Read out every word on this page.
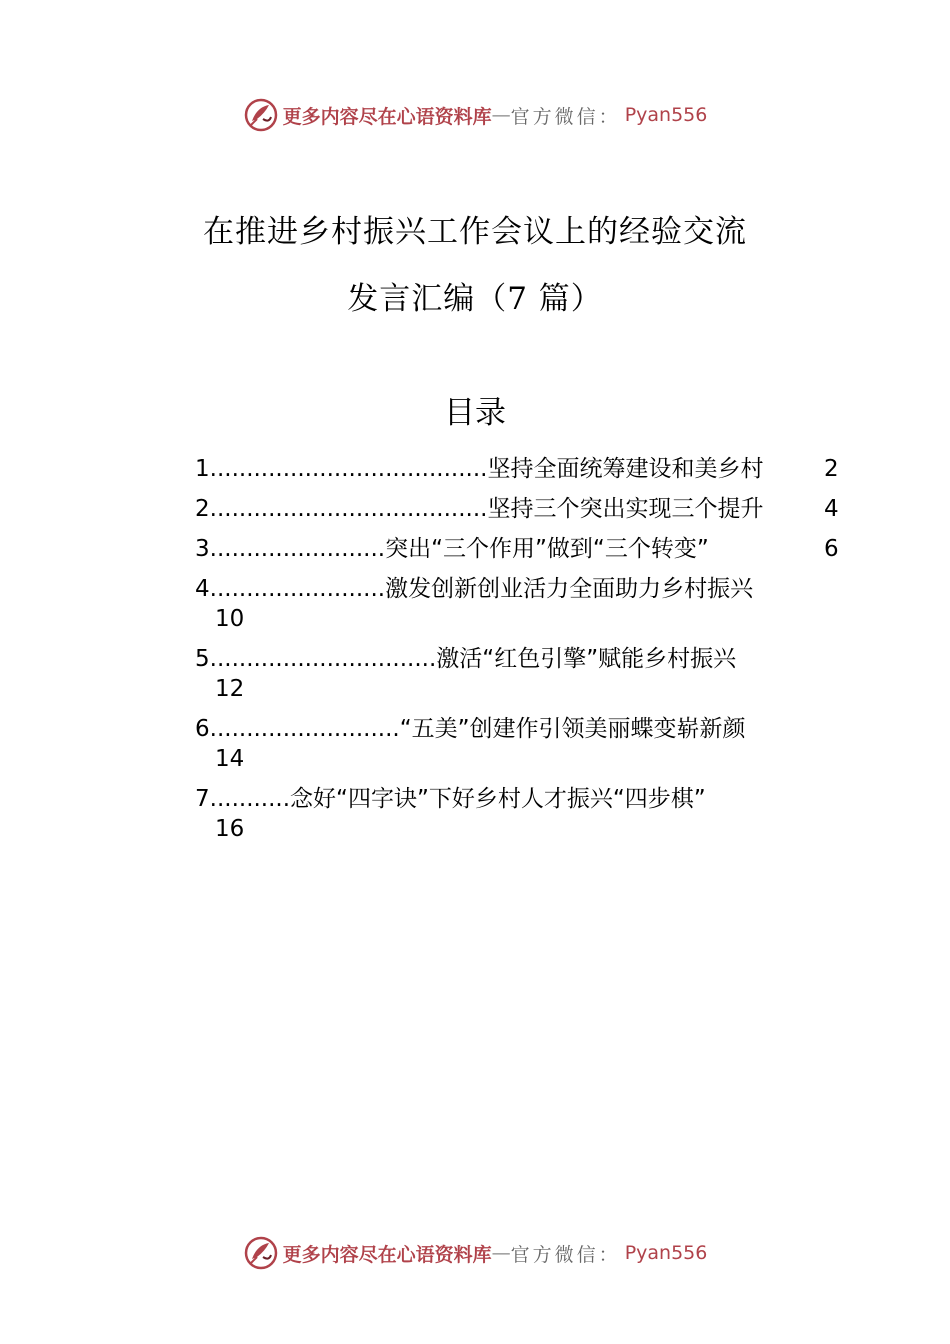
更多内容尽在心语资料库 — 官方微信： Pyan556
在推进乡村振兴工作会议上的经验交流
发言汇编（7 篇）
目录
1......................................坚持全面统筹建设和美乡村	2
2......................................坚持三个突出实现三个提升	4
3........................突出“三个作用”做到“三个转变”	6
4........................激发创新创业活力全面助力乡村振兴
10
5...............................激活“红色引擎”赋能乡村振兴
12
6..........................“五美”创建作引领美丽蝶变崭新颜
14
7...........念好“四字诀”下好乡村人才振兴“四步棋”
16
更多内容尽在心语资料库 — 官方微信： Pyan556
